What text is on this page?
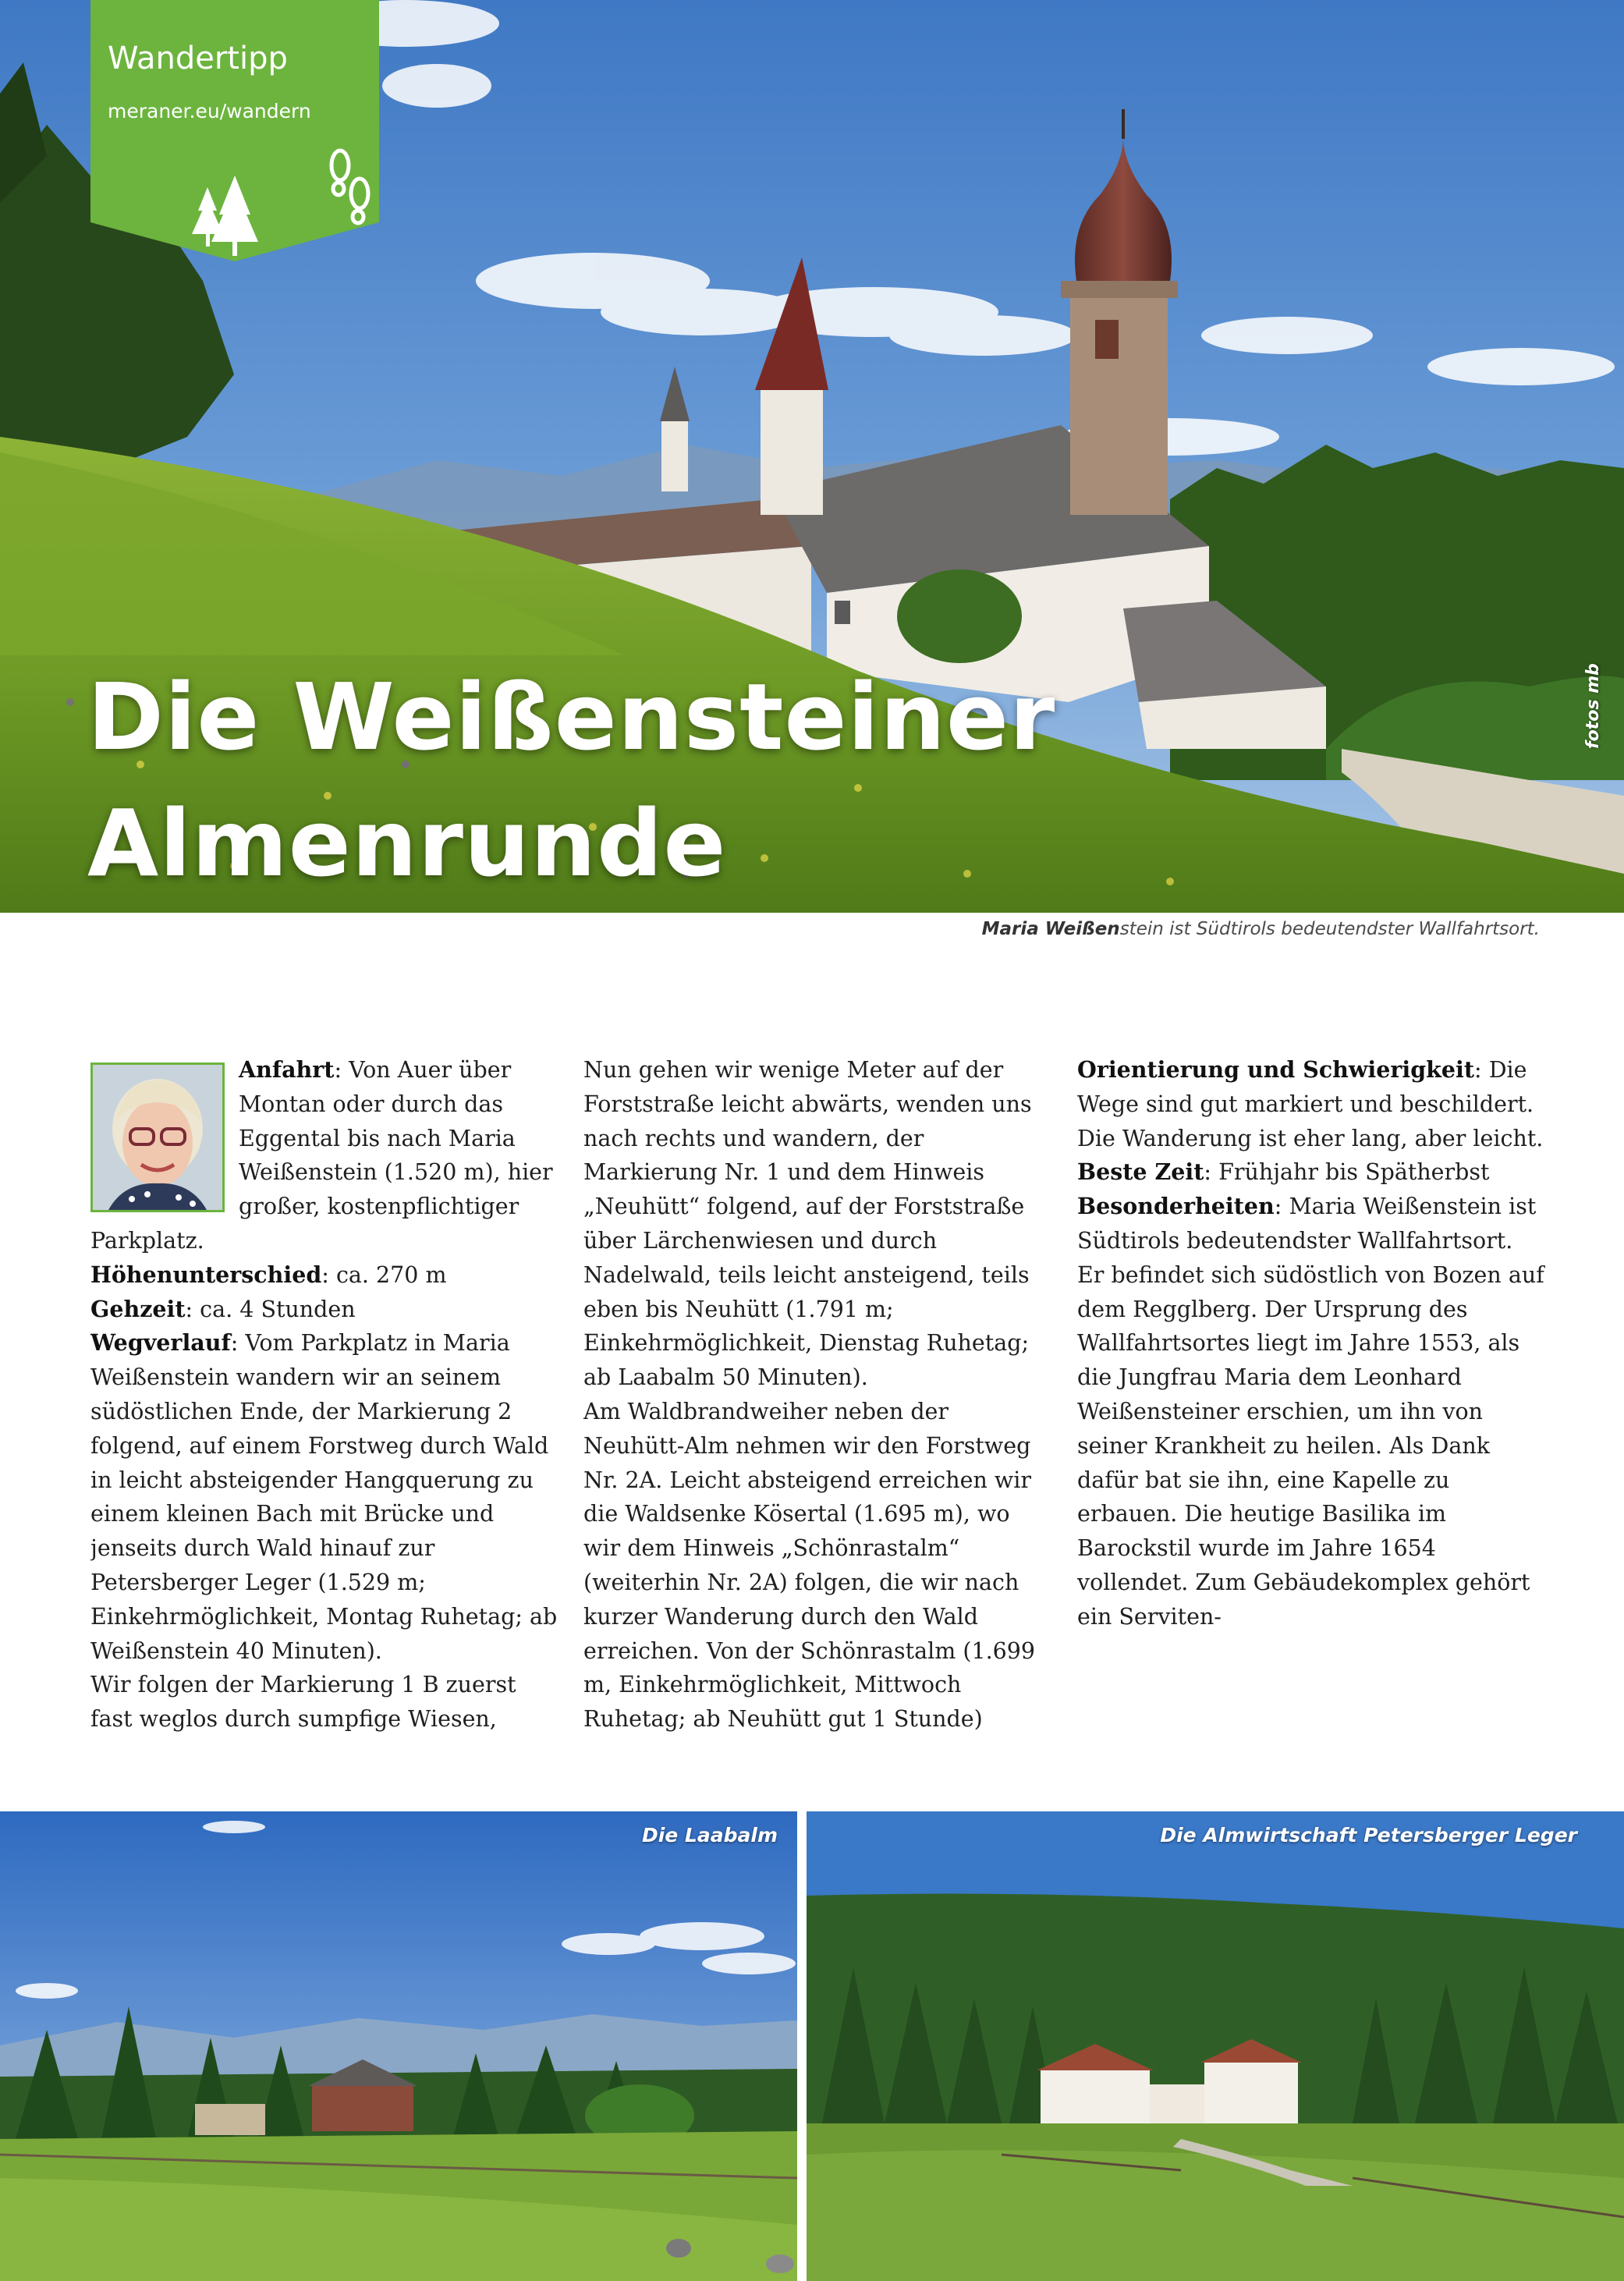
Die Weißensteiner
Almenrunde
fotos mb
Wandertipp
meraner.eu/wandern
Maria Weißenstein ist Südtirols bedeutendster Wallfahrtsort.

Anfahrt: Von Auer über Montan oder durch das Eggental bis nach Maria Weißenstein (1.520 m), hier großer, kostenpflichtiger Parkplatz.

Höhenunterschied: ca. 270 m

Gehzeit: ca. 4 Stunden

Wegverlauf: Vom Parkplatz in Maria Weißenstein wandern wir an seinem südöstlichen Ende, der Markierung 2 folgend, auf einem Forstweg durch Wald in leicht absteigender Hangquerung zu einem kleinen Bach mit Brücke und jenseits durch Wald hinauf zur Petersberger Leger (1.529 m; Einkehrmöglichkeit, Montag Ruhetag; ab Weißenstein 40 Minuten).

Wir folgen der Markierung 1 B zuerst fast weglos durch sumpfige Wiesen,

Nun gehen wir wenige Meter auf der Forststraße leicht abwärts, wenden uns nach rechts und wandern, der Markierung Nr. 1 und dem Hinweis „Neuhütt“ folgend, auf der Forststraße über Lärchenwiesen und durch Nadelwald, teils leicht ansteigend, teils eben bis Neuhütt (1.791 m; Einkehrmöglichkeit, Dienstag Ruhetag; ab Laabalm 50 Minuten).

Am Waldbrandweiher neben der Neuhütt-Alm nehmen wir den Forstweg Nr. 2A. Leicht absteigend erreichen wir die Waldsenke Kösertal (1.695 m), wo wir dem Hinweis „Schönrastalm“ (weiterhin Nr. 2A) folgen, die wir nach kurzer Wanderung durch den Wald erreichen. Von der Schönrastalm (1.699 m, Einkehrmöglichkeit, Mittwoch Ruhetag; ab Neuhütt gut 1 Stunde)

Orientierung und Schwierigkeit: Die Wege sind gut markiert und beschildert. Die Wanderung ist eher lang, aber leicht.

Beste Zeit: Frühjahr bis Spätherbst

Besonderheiten: Maria Weißenstein ist Südtirols bedeutendster Wallfahrtsort. Er befindet sich südöstlich von Bozen auf dem Regglberg. Der Ursprung des Wallfahrtsortes liegt im Jahre 1553, als die Jungfrau Maria dem Leonhard Weißensteiner erschien, um ihn von seiner Krankheit zu heilen. Als Dank dafür bat sie ihn, eine Kapelle zu erbauen. Die heutige Basilika im Barockstil wurde im Jahre 1654 vollendet. Zum Gebäudekomplex gehört ein Serviten-

Die Laabalm	Die Almwirtschaft Petersberger Leger
